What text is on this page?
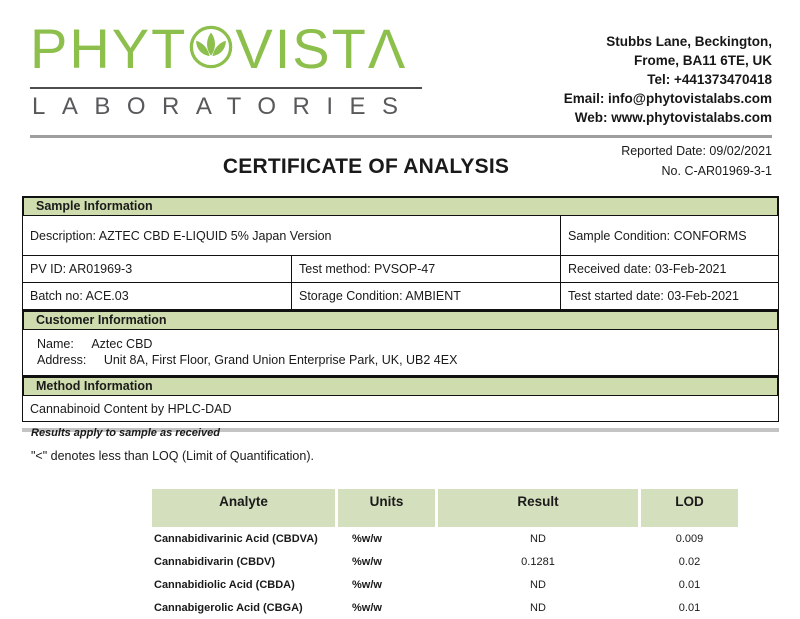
PHYT VIST Λ
LABORATORIES
Stubbs Lane, Beckington,
Frome, BA11 6TE, UK
Tel: +441373470418
Email: info@phytovistalabs.com
Web: www.phytovistalabs.com
CERTIFICATE OF ANALYSIS
Reported Date: 09/02/2021
No. C-AR01969-3-1
Sample Information
Description: AZTEC CBD E-LIQUID 5% Japan Version		Sample Condition: CONFORMS
PV ID: AR01969-3	Test method: PVSOP-47	Received date: 03-Feb-2021
Batch no: ACE.03	Storage Condition: AMBIENT	Test started date: 03-Feb-2021
Customer Information
Name: Aztec CBD
Address: Unit 8A, First Floor, Grand Union Enterprise Park, UK, UB2 4EX
Method Information
Cannabinoid Content by HPLC-DAD
Results apply to sample as received
"<" denotes less than LOQ (Limit of Quantification).
Analyte	Units	Result	LOD
Cannabidivarinic Acid (CBDVA)	%w/w	ND	0.009
Cannabidivarin (CBDV)	%w/w	0.1281	0.02
Cannabidiolic Acid (CBDA)	%w/w	ND	0.01
Cannabigerolic Acid (CBGA)	%w/w	ND	0.01
